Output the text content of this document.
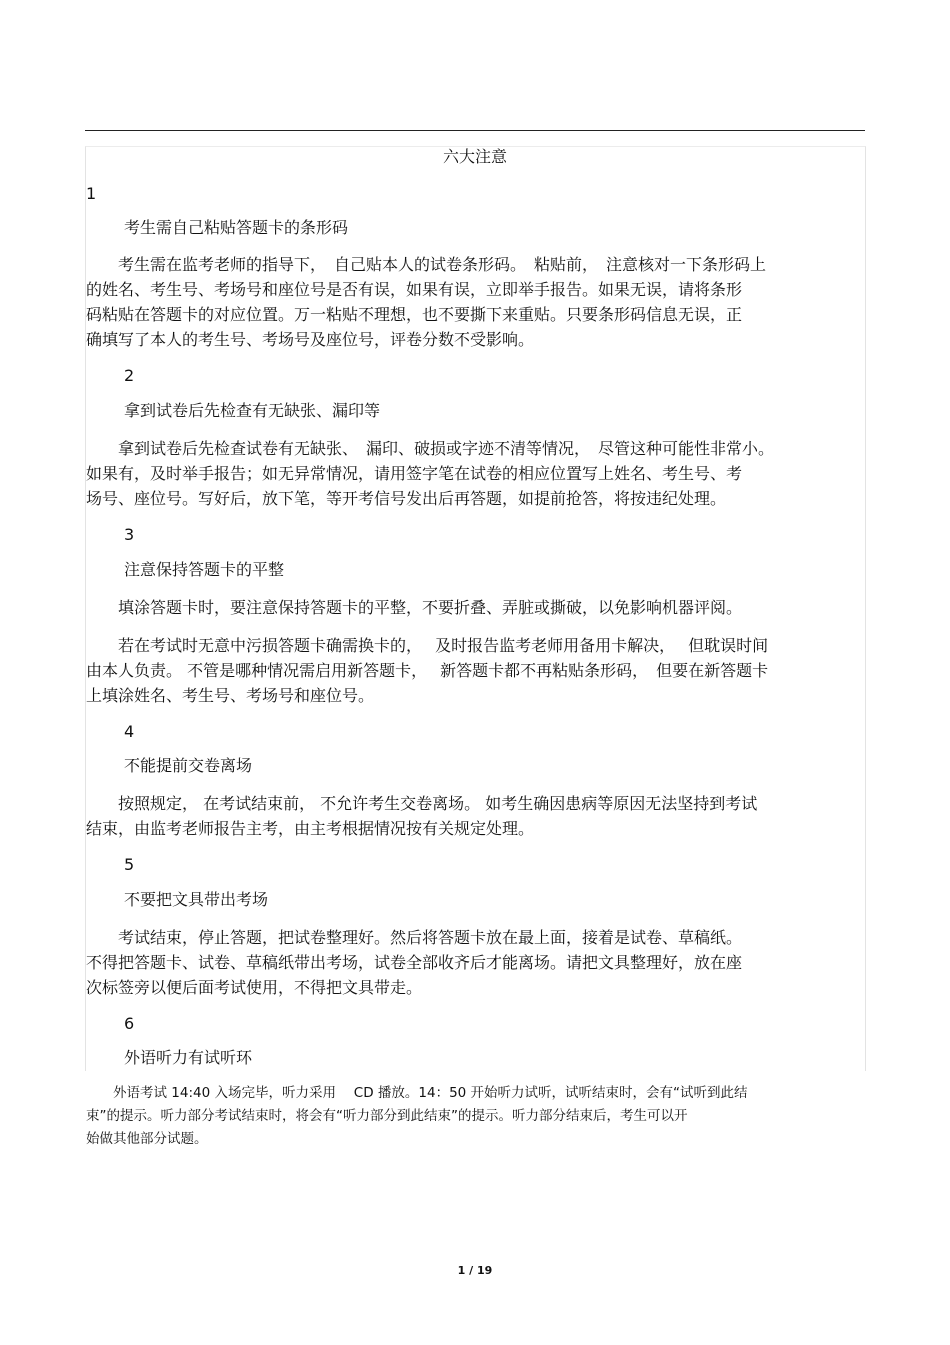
六大注意
1
考生需自己粘贴答题卡的条形码
　　考生需在监考老师的指导下，　自己贴本人的试卷条形码。　粘贴前，　注意核对一下条形码上
的姓名、考生号、考场号和座位号是否有误，如果有误，立即举手报告。如果无误，请将条形
码粘贴在答题卡的对应位置。万一粘贴不理想，也不要撕下来重贴。只要条形码信息无误，正
确填写了本人的考生号、考场号及座位号，评卷分数不受影响。
2
拿到试卷后先检查有无缺张、漏印等
　　拿到试卷后先检查试卷有无缺张、　漏印、破损或字迹不清等情况，　尽管这种可能性非常小。
如果有，及时举手报告；如无异常情况，请用签字笔在试卷的相应位置写上姓名、考生号、考
场号、座位号。写好后，放下笔，等开考信号发出后再答题，如提前抢答，将按违纪处理。
3
注意保持答题卡的平整
　　填涂答题卡时，要注意保持答题卡的平整，不要折叠、弄脏或撕破，以免影响机器评阅。
　　若在考试时无意中污损答题卡确需换卡的，　 及时报告监考老师用备用卡解决，　 但耽误时间
由本人负责。 不管是哪种情况需启用新答题卡，　 新答题卡都不再粘贴条形码，　但要在新答题卡
上填涂姓名、考生号、考场号和座位号。
4
不能提前交卷离场
　　按照规定， 在考试结束前， 不允许考生交卷离场。 如考生确因患病等原因无法坚持到考试
结束，由监考老师报告主考，由主考根据情况按有关规定处理。
5
不要把文具带出考场
　　考试结束，停止答题，把试卷整理好。然后将答题卡放在最上面，接着是试卷、草稿纸。
不得把答题卡、试卷、草稿纸带出考场，试卷全部收齐后才能离场。请把文具整理好，放在座
次标签旁以便后面考试使用，不得把文具带走。
6
外语听力有试听环
　　外语考试 14:40 入场完毕，听力采用　 CD 播放。14：50 开始听力试听，试听结束时，会有“试听到此结
束”的提示。听力部分考试结束时，将会有“听力部分到此结束”的提示。听力部分结束后，考生可以开
始做其他部分试题。
1 / 19
